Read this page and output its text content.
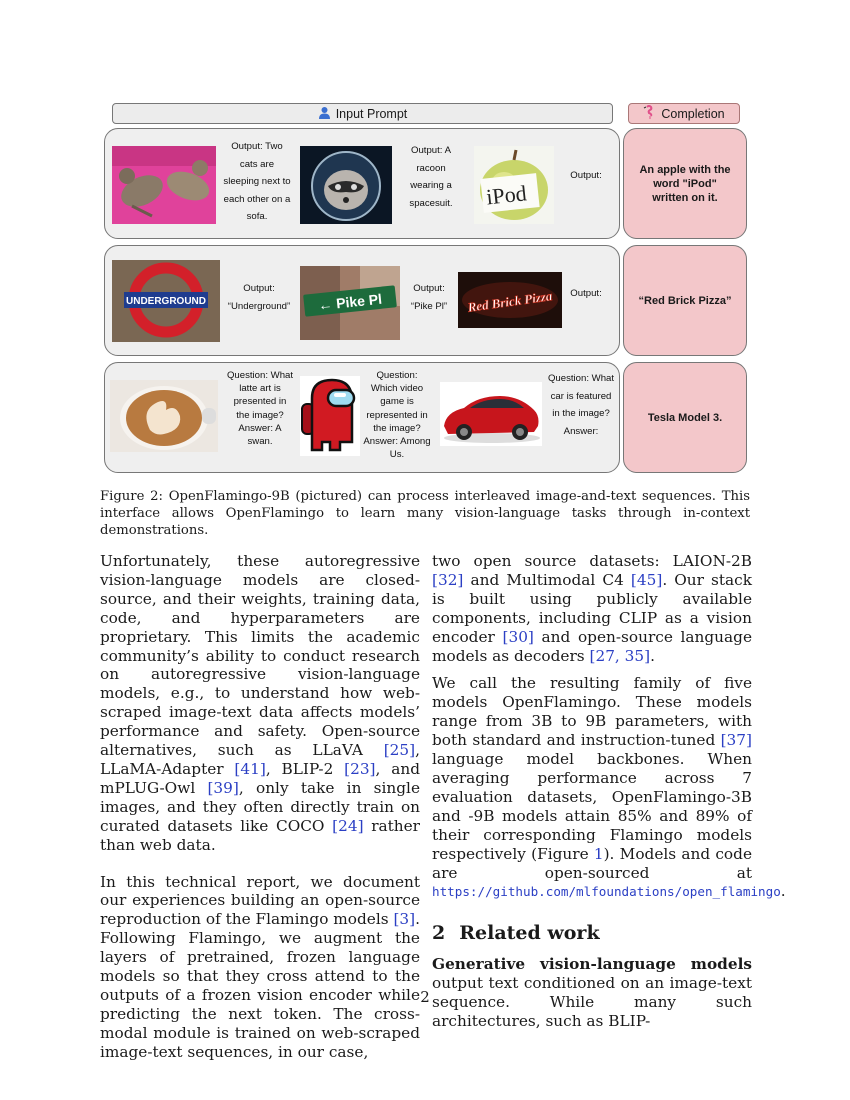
Input Prompt	Completion
Output: Two cats are sleeping next to each other on a sofa.
Output: A racoon wearing a spacesuit.	iPod
Output:	An apple with the word "iPod" written on it.
UNDERGROUND
Output: “Underground” ← Pike Pl
Output: “Pike Pl”	Red Brick Pizza	Output:
“Red Brick Pizza”
Question: What latte art is presented in the image? Answer: A swan.
Question: Which video game is represented in the image? Answer: Among Us.
Question: What car is featured in the image? Answer:
Tesla Model 3.
Figure 2: OpenFlamingo-9B (pictured) can process interleaved image-and-text sequences. This interface allows OpenFlamingo to learn many vision-language tasks through in-context demonstrations.

Unfortunately, these autoregressive vision-language models are closed-source, and their weights, training data, code, and hyperparameters are proprietary. This limits the academic community’s ability to conduct research on autoregressive vision-language models, e.g., to understand how web-scraped image-text data affects models’ performance and safety. Open-source alternatives, such as LLaVA [25], LLaMA-Adapter [41], BLIP-2 [23], and mPLUG-Owl [39], only take in single images, and they often directly train on curated datasets like COCO [24] rather than web data.

In this technical report, we document our experiences building an open-source reproduction of the Flamingo models [3]. Following Flamingo, we augment the layers of pretrained, frozen language models so that they cross attend to the outputs of a frozen vision encoder while predicting the next token. The cross-modal module is trained on web-scraped image-text sequences, in our case,

two open source datasets: LAION-2B [32] and Multimodal C4 [45]. Our stack is built using publicly available components, including CLIP as a vision encoder [30] and open-source language models as decoders [27, 35].

We call the resulting family of five models OpenFlamingo. These models range from 3B to 9B parameters, with both standard and instruction-tuned [37] language model backbones. When averaging performance across 7 evaluation datasets, OpenFlamingo-3B and -9B models attain 85% and 89% of their corresponding Flamingo models respectively (Figure 1). Models and code are open-sourced at https://github.com/mlfoundations/open_flamingo.

2 Related work

Generative vision-language models output text conditioned on an image-text sequence. While many such architectures, such as BLIP-

2
